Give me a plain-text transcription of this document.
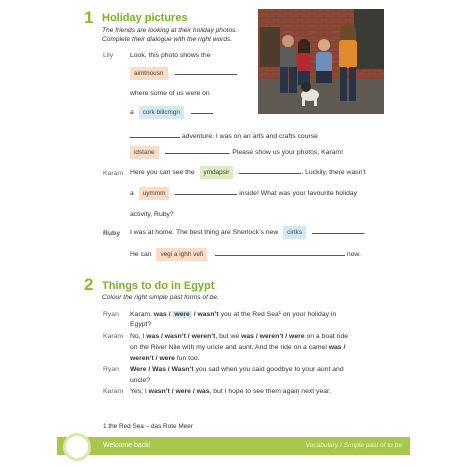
1 Holiday pictures
The friends are looking at their holiday photos.
Complete their dialogue with the right words.
Lily Look, this photo shows the
aimtnousn
where some of us were on
a cork biilcmgn
adventure. I was on an arts and crafts course
idstane	. Please show us your photos, Karam!
Karam Here you can see the ymdapsir	. Luckily, there wasn’t
a uymmm	inside! What was your favourite holiday
activity, Ruby?
Ruby I was at home. The best thing are Sherlock’s new cirtks	.
He can vegi a ighh vefi	now.
2 Things to do in Egypt
Colour the right simple past forms of be.
Ryan Karam, was / were / wasn’t you at the Red Sea¹ on your holiday in
Egypt?
Karam No, I was / wasn’t / weren’t, but we was / weren’t / were on a boat ride
on the River Nile with my uncle and aunt. And the ride on a camel was /
weren’t / were fun too.
Ryan Were / Was / Wasn’t you sad when you said goodbye to your aunt and
uncle?
Karam Yes, I wasn’t / were / was, but I hope to see them again next year.
1 the Red Sea – das Rote Meer
Welcome back!	Vocabulary / Simple past of to be
